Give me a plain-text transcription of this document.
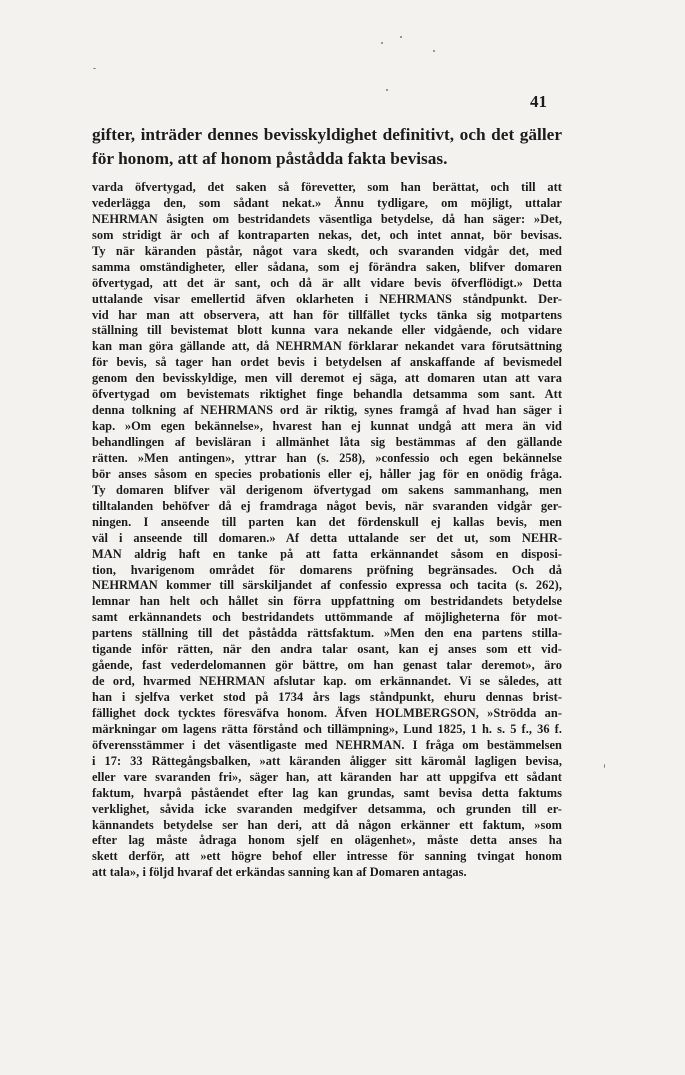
41
gifter, inträder dennes bevisskyldighet definitivt, och det gäller
för honom, att af honom påstådda fakta bevisas.
varda öfvertygad, det saken så förevetter, som han berättat, och till att
vederlägga den, som sådant nekat.» Ännu tydligare, om möjligt, uttalar
NEHRMAN åsigten om bestridandets väsentliga betydelse, då han säger: »Det,
som stridigt är och af kontraparten nekas, det, och intet annat, bör bevisas.
Ty när käranden påstår, något vara skedt, och svaranden vidgår det, med
samma omständigheter, eller sådana, som ej förändra saken, blifver domaren
öfvertygad, att det är sant, och då är allt vidare bevis öfverflödigt.» Detta
uttalande visar emellertid äfven oklarheten i NEHRMANS ståndpunkt. Der-
vid har man att observera, att han för tillfället tycks tänka sig motpartens
ställning till bevistemat blott kunna vara nekande eller vidgående, och vidare
kan man göra gällande att, då NEHRMAN förklarar nekandet vara förutsättning
för bevis, så tager han ordet bevis i betydelsen af anskaffande af bevismedel
genom den bevisskyldige, men vill deremot ej säga, att domaren utan att vara
öfvertygad om bevistemats riktighet finge behandla detsamma som sant. Att
denna tolkning af NEHRMANS ord är riktig, synes framgå af hvad han säger i
kap. »Om egen bekännelse», hvarest han ej kunnat undgå att mera än vid
behandlingen af bevisläran i allmänhet låta sig bestämmas af den gällande
rätten. »Men antingen», yttrar han (s. 258), »confessio och egen bekännelse
bör anses såsom en species probationis eller ej, håller jag för en onödig fråga.
Ty domaren blifver väl derigenom öfvertygad om sakens sammanhang, men
tilltalanden behöfver då ej framdraga något bevis, när svaranden vidgår ger-
ningen. I anseende till parten kan det fördenskull ej kallas bevis, men
väl i anseende till domaren.» Af detta uttalande ser det ut, som NEHR-
MAN aldrig haft en tanke på att fatta erkännandet såsom en disposi-
tion, hvarigenom området för domarens pröfning begränsades. Och då
NEHRMAN kommer till särskiljandet af confessio expressa och tacita (s. 262),
lemnar han helt och hållet sin förra uppfattning om bestridandets betydelse
samt erkännandets och bestridandets uttömmande af möjligheterna för mot-
partens ställning till det påstådda rättsfaktum. »Men den ena partens stilla-
tigande inför rätten, när den andra talar osant, kan ej anses som ett vid-
gående, fast vederdelomannen gör bättre, om han genast talar deremot», äro
de ord, hvarmed NEHRMAN afslutar kap. om erkännandet. Vi se således, att
han i sjelfva verket stod på 1734 års lags ståndpunkt, ehuru dennas brist-
fällighet dock tycktes föresväfva honom. Äfven HOLMBERGSON, »Strödda an-
märkningar om lagens rätta förstånd och tillämpning», Lund 1825, 1 h. s. 5 f., 36 f.
öfverensstämmer i det väsentligaste med NEHRMAN. I fråga om bestämmelsen
i 17: 33 Rättegångsbalken, »att käranden åligger sitt käromål lagligen bevisa,
eller vare svaranden fri», säger han, att käranden har att uppgifva ett sådant
faktum, hvarpå påståendet efter lag kan grundas, samt bevisa detta faktums
verklighet, såvida icke svaranden medgifver detsamma, och grunden till er-
kännandets betydelse ser han deri, att då någon erkänner ett faktum, »som
efter lag måste ådraga honom sjelf en olägenhet», måste detta anses ha
skett derför, att »ett högre behof eller intresse för sanning tvingat honom
att tala», i följd hvaraf det erkändas sanning kan af Domaren antagas.
